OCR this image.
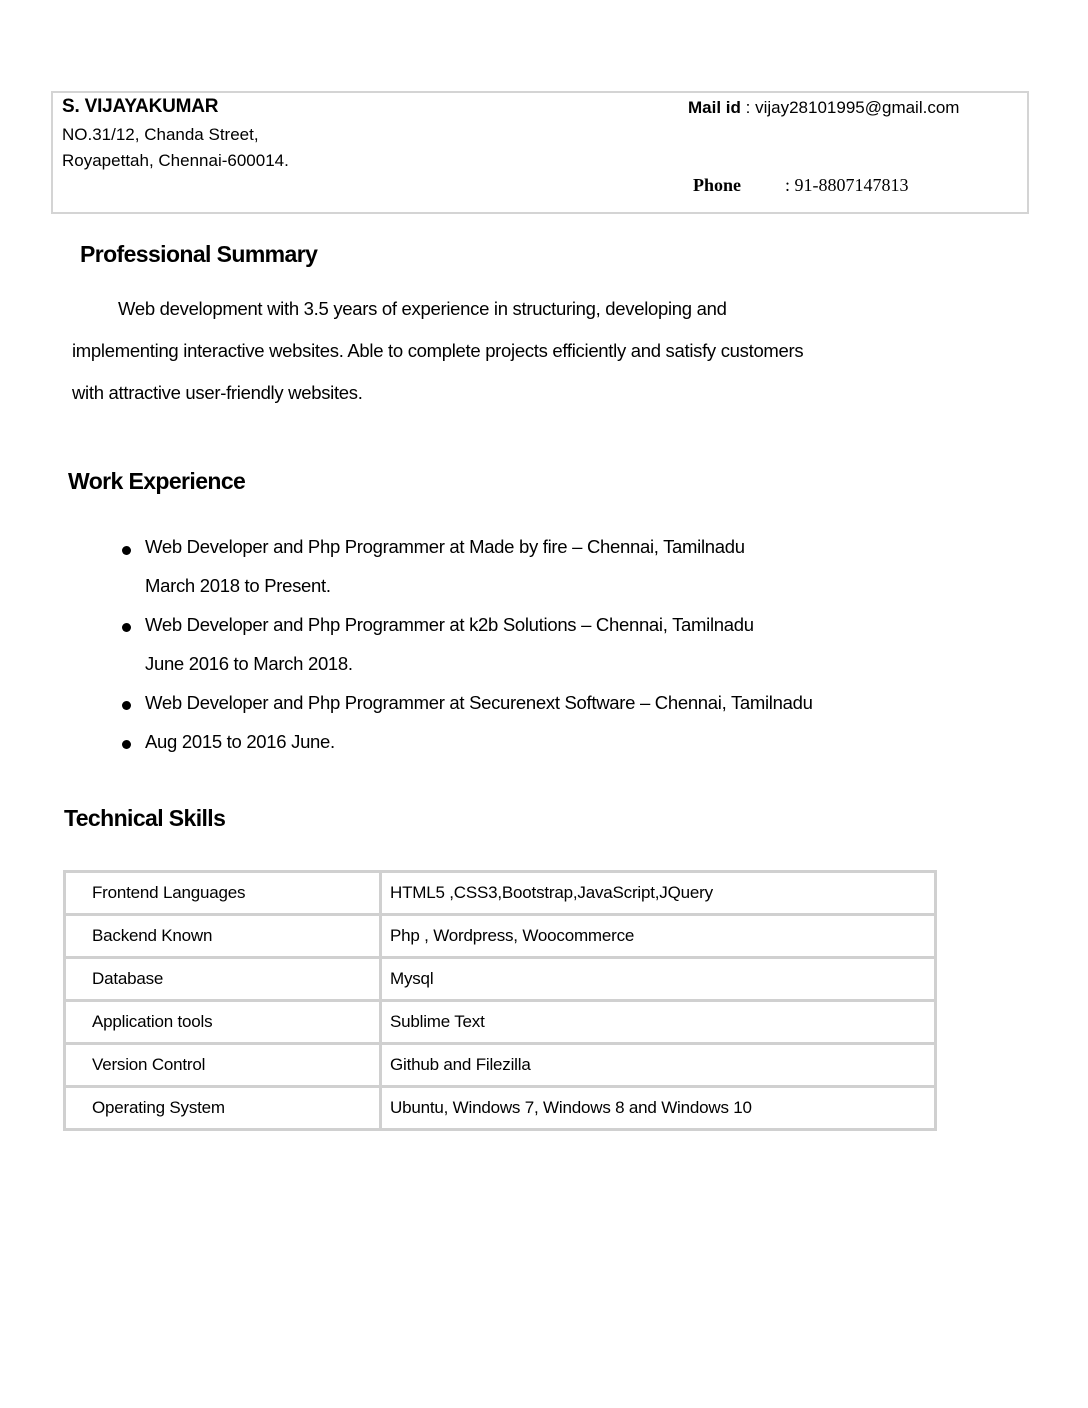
S. VIJAYAKUMAR
NO.31/12, Chanda Street,
Royapettah, Chennai-600014.
Mail id : vijay28101995@gmail.com
Phone : 91-8807147813
Professional Summary
Web development with 3.5 years of experience in structuring, developing and
implementing interactive websites. Able to complete projects efficiently and satisfy customers
with attractive user-friendly websites.
Work Experience
Web Developer and Php Programmer at Made by fire – Chennai, Tamilnadu
March 2018 to Present.
Web Developer and Php Programmer at k2b Solutions – Chennai, Tamilnadu
June 2016 to March 2018.
Web Developer and Php Programmer at Securenext Software – Chennai, Tamilnadu
Aug 2015 to 2016 June.
Technical Skills
Frontend Languages	HTML5 ,CSS3,Bootstrap,JavaScript,JQuery
Backend Known	Php , Wordpress, Woocommerce
Database	Mysql
Application tools	Sublime Text
Version Control	Github and Filezilla
Operating System	Ubuntu, Windows 7, Windows 8 and Windows 10
